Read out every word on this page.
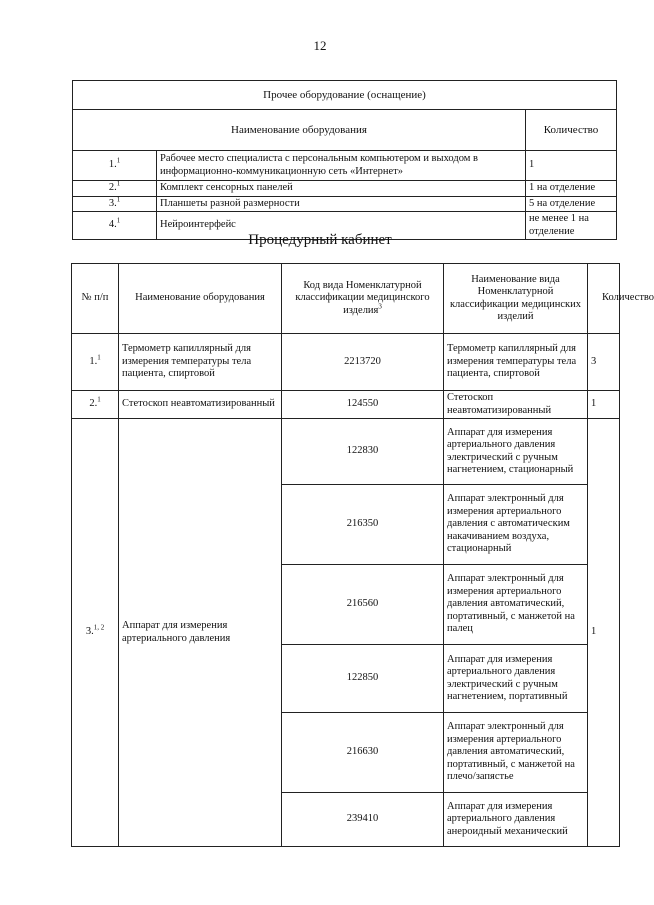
12
Прочее оборудование (оснащение)		
Наименование оборудования		Количество
1.$^1$	Рабочее место специалиста с персональным компьютером и выходом в информационно-коммуникационную сеть «Интернет»	1
2.$^1$	Комплект сенсорных панелей	1 на отделение
3.$^1$	Планшеты разной размерности	5 на отделение
4.$^1$	Нейроинтерфейс	не менее 1 на отделение
Процедурный кабинет
№ п/п	Наименование оборудования	Код вида Номенклатурной классификации медицинского изделия$^3$	Наименование вида Номенклатурной классификации медицинских изделий	Количество
1.$^1$	Термометр капиллярный для измерения температуры тела пациента, спиртовой	2213720	Термометр капиллярный для измерения температуры тела пациента, спиртовой	3
2.$^1$	Стетоскоп неавтоматизированный	124550	Стетоскоп неавтоматизированный	1
3.$^{1, 2}$	Аппарат для измерения артериального давления	122830	Аппарат для измерения артериального давления электрический с ручным нагнетением, стационарный	1
		216350	Аппарат электронный для измерения артериального давления с автоматическим накачиванием воздуха, стационарный	
		216560	Аппарат электронный для измерения артериального давления автоматический, портативный, с манжетой на палец	
		122850	Аппарат для измерения артериального давления электрический с ручным нагнетением, портативный	
		216630	Аппарат электронный для измерения артериального давления автоматический, портативный, с манжетой на плечо/запястье	
		239410	Аппарат для измерения артериального давления анероидный механический	
